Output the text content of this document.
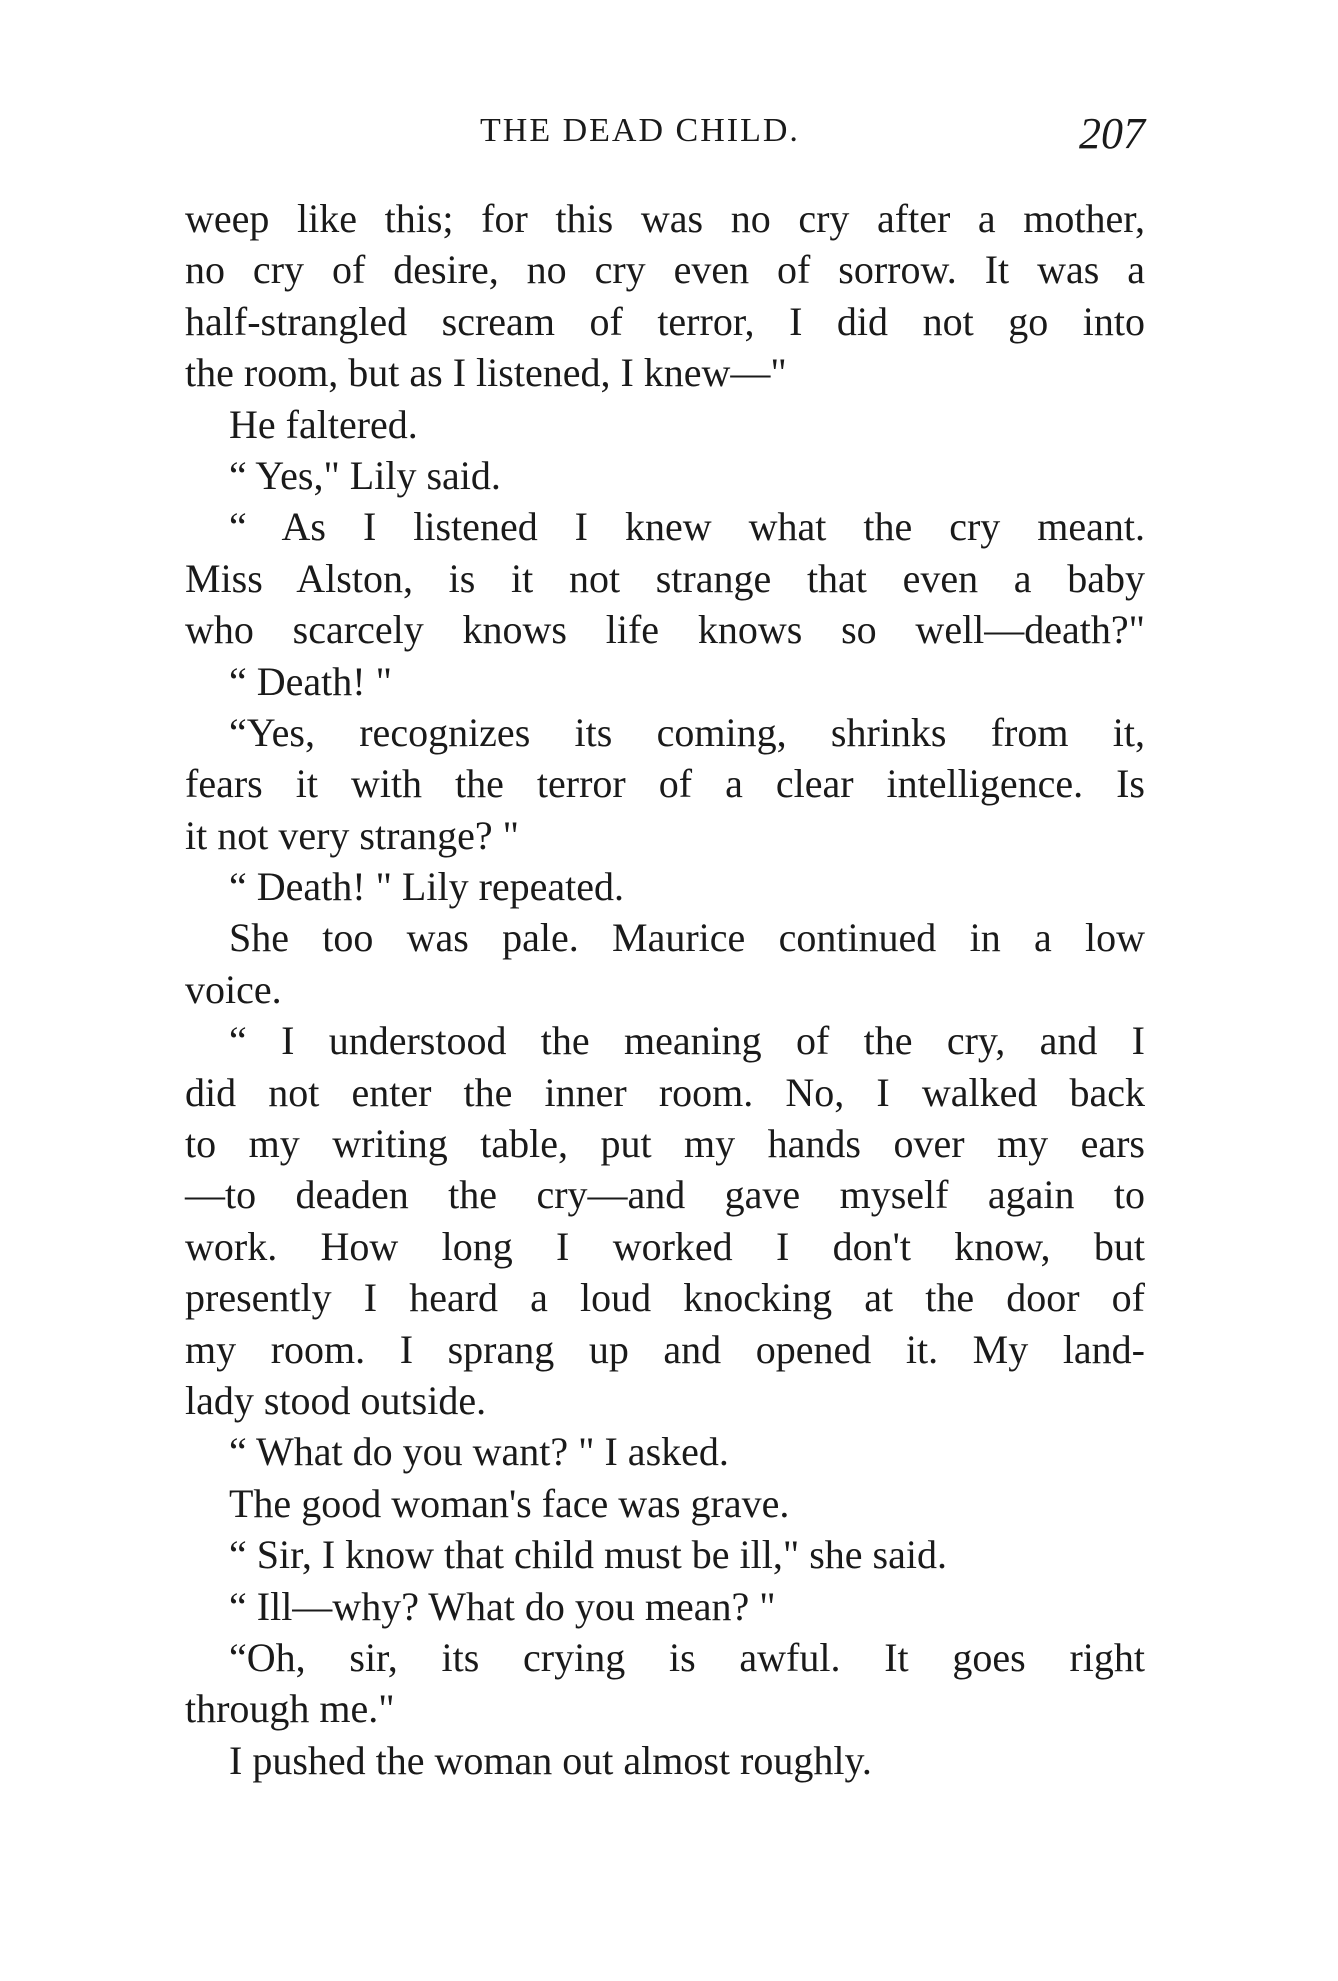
THE DEAD CHILD.	207
weep like this; for this was no cry after a mother,
no cry of desire, no cry even of sorrow. It was a
half-strangled scream of terror, I did not go into
the room, but as I listened, I knew—"
He faltered.
“ Yes," Lily said.
“ As I listened I knew what the cry meant.
Miss Alston, is it not strange that even a baby
who scarcely knows life knows so well—death?"
“ Death! "
“Yes, recognizes its coming, shrinks from it,
fears it with the terror of a clear intelligence. Is
it not very strange? "
“ Death! " Lily repeated.
She too was pale. Maurice continued in a low
voice.
“ I understood the meaning of the cry, and I
did not enter the inner room. No, I walked back
to my writing table, put my hands over my ears
—to deaden the cry—and gave myself again to
work. How long I worked I don't know, but
presently I heard a loud knocking at the door of
my room. I sprang up and opened it. My land-
lady stood outside.
“ What do you want? " I asked.
The good woman's face was grave.
“ Sir, I know that child must be ill," she said.
“ Ill—why? What do you mean? "
“Oh, sir, its crying is awful. It goes right
through me."
I pushed the woman out almost roughly.
